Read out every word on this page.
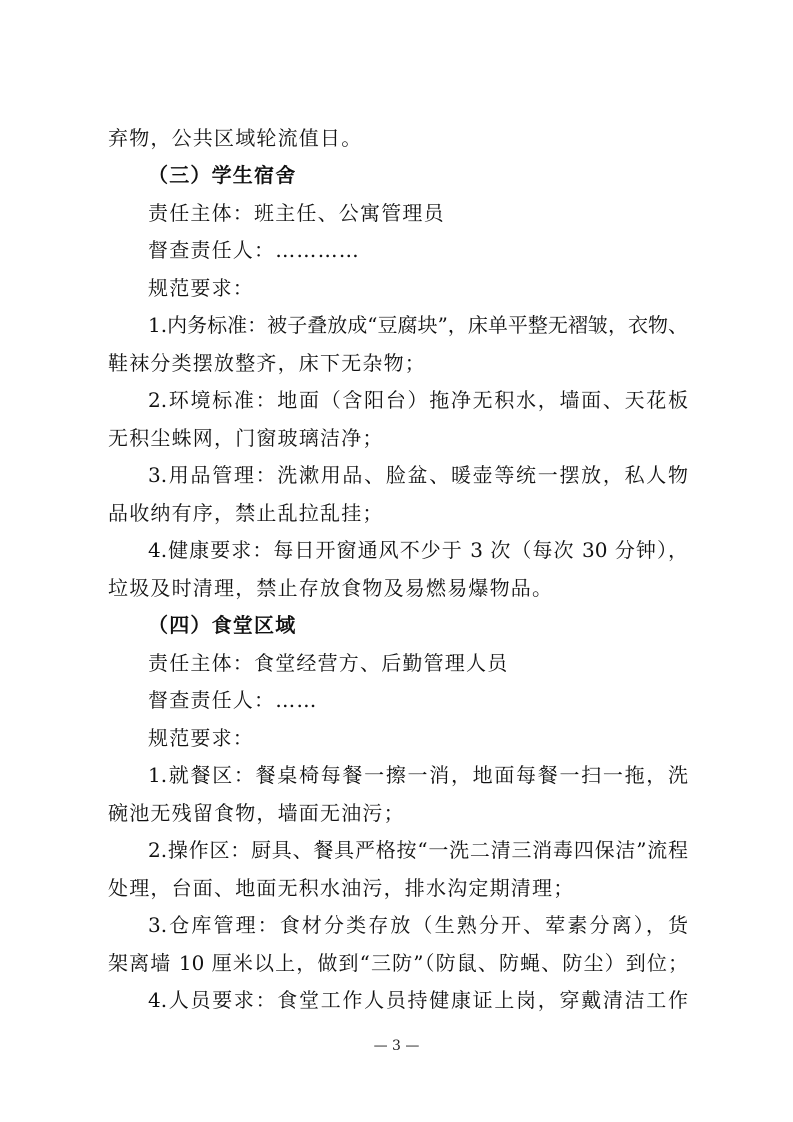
弃物，公共区域轮流值日。
（三）学生宿舍
责任主体：班主任、公寓管理员
督查责任人：…………
规范要求：
1.内务标准：被子叠放成“豆腐块”，床单平整无褶皱，衣物、
鞋袜分类摆放整齐，床下无杂物；
2.环境标准：地面（含阳台）拖净无积水，墙面、天花板
无积尘蛛网，门窗玻璃洁净；
3.用品管理：洗漱用品、脸盆、暖壶等统一摆放，私人物
品收纳有序，禁止乱拉乱挂；
4.健康要求：每日开窗通风不少于 3 次（每次 30 分钟），
垃圾及时清理，禁止存放食物及易燃易爆物品。
（四）食堂区域
责任主体：食堂经营方、后勤管理人员
督查责任人：……
规范要求：
1.就餐区：餐桌椅每餐一擦一消，地面每餐一扫一拖，洗
碗池无残留食物，墙面无油污；
2.操作区：厨具、餐具严格按“一洗二清三消毒四保洁”流程
处理，台面、地面无积水油污，排水沟定期清理；
3.仓库管理：食材分类存放（生熟分开、荤素分离），货
架离墙 10 厘米以上，做到“三防”（防鼠、防蝇、防尘）到位；
4.人员要求：食堂工作人员持健康证上岗，穿戴清洁工作
— 3 —
